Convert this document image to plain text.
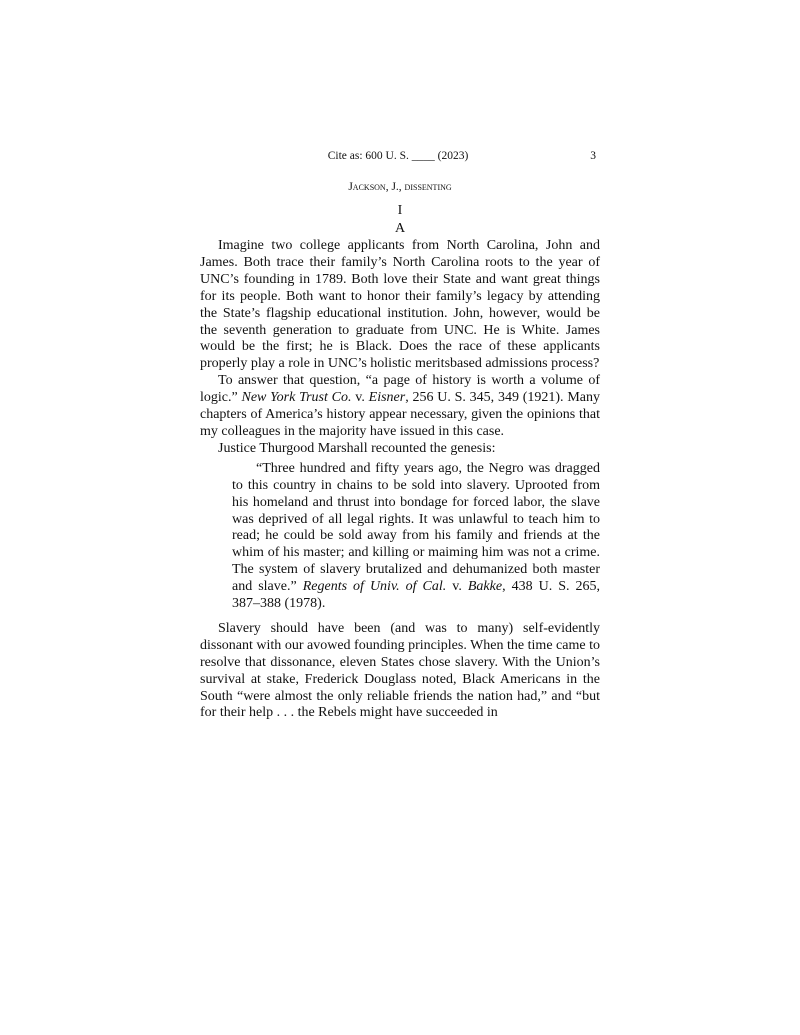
Cite as: 600 U. S. ____ (2023)	3
Jackson, J., dissenting
I
A

Imagine two college applicants from North Carolina, John and James. Both trace their family’s North Carolina roots to the year of UNC’s founding in 1789. Both love their State and want great things for its people. Both want to honor their family’s legacy by attending the State’s flagship educational institution. John, however, would be the seventh generation to graduate from UNC. He is White. James would be the first; he is Black. Does the race of these applicants properly play a role in UNC’s holistic meritsbased admissions process?

To answer that question, “a page of history is worth a volume of logic.” New York Trust Co. v. Eisner, 256 U. S. 345, 349 (1921). Many chapters of America’s history appear necessary, given the opinions that my colleagues in the majority have issued in this case.

Justice Thurgood Marshall recounted the genesis:

“Three hundred and fifty years ago, the Negro was dragged to this country in chains to be sold into slavery. Uprooted from his homeland and thrust into bondage for forced labor, the slave was deprived of all legal rights. It was unlawful to teach him to read; he could be sold away from his family and friends at the whim of his master; and killing or maiming him was not a crime. The system of slavery brutalized and dehumanized both master and slave.” Regents of Univ. of Cal. v. Bakke, 438 U. S. 265, 387–388 (1978).

Slavery should have been (and was to many) self-evidently dissonant with our avowed founding principles. When the time came to resolve that dissonance, eleven States chose slavery. With the Union’s survival at stake, Frederick Douglass noted, Black Americans in the South “were almost the only reliable friends the nation had,” and “but for their help . . . the Rebels might have succeeded in
